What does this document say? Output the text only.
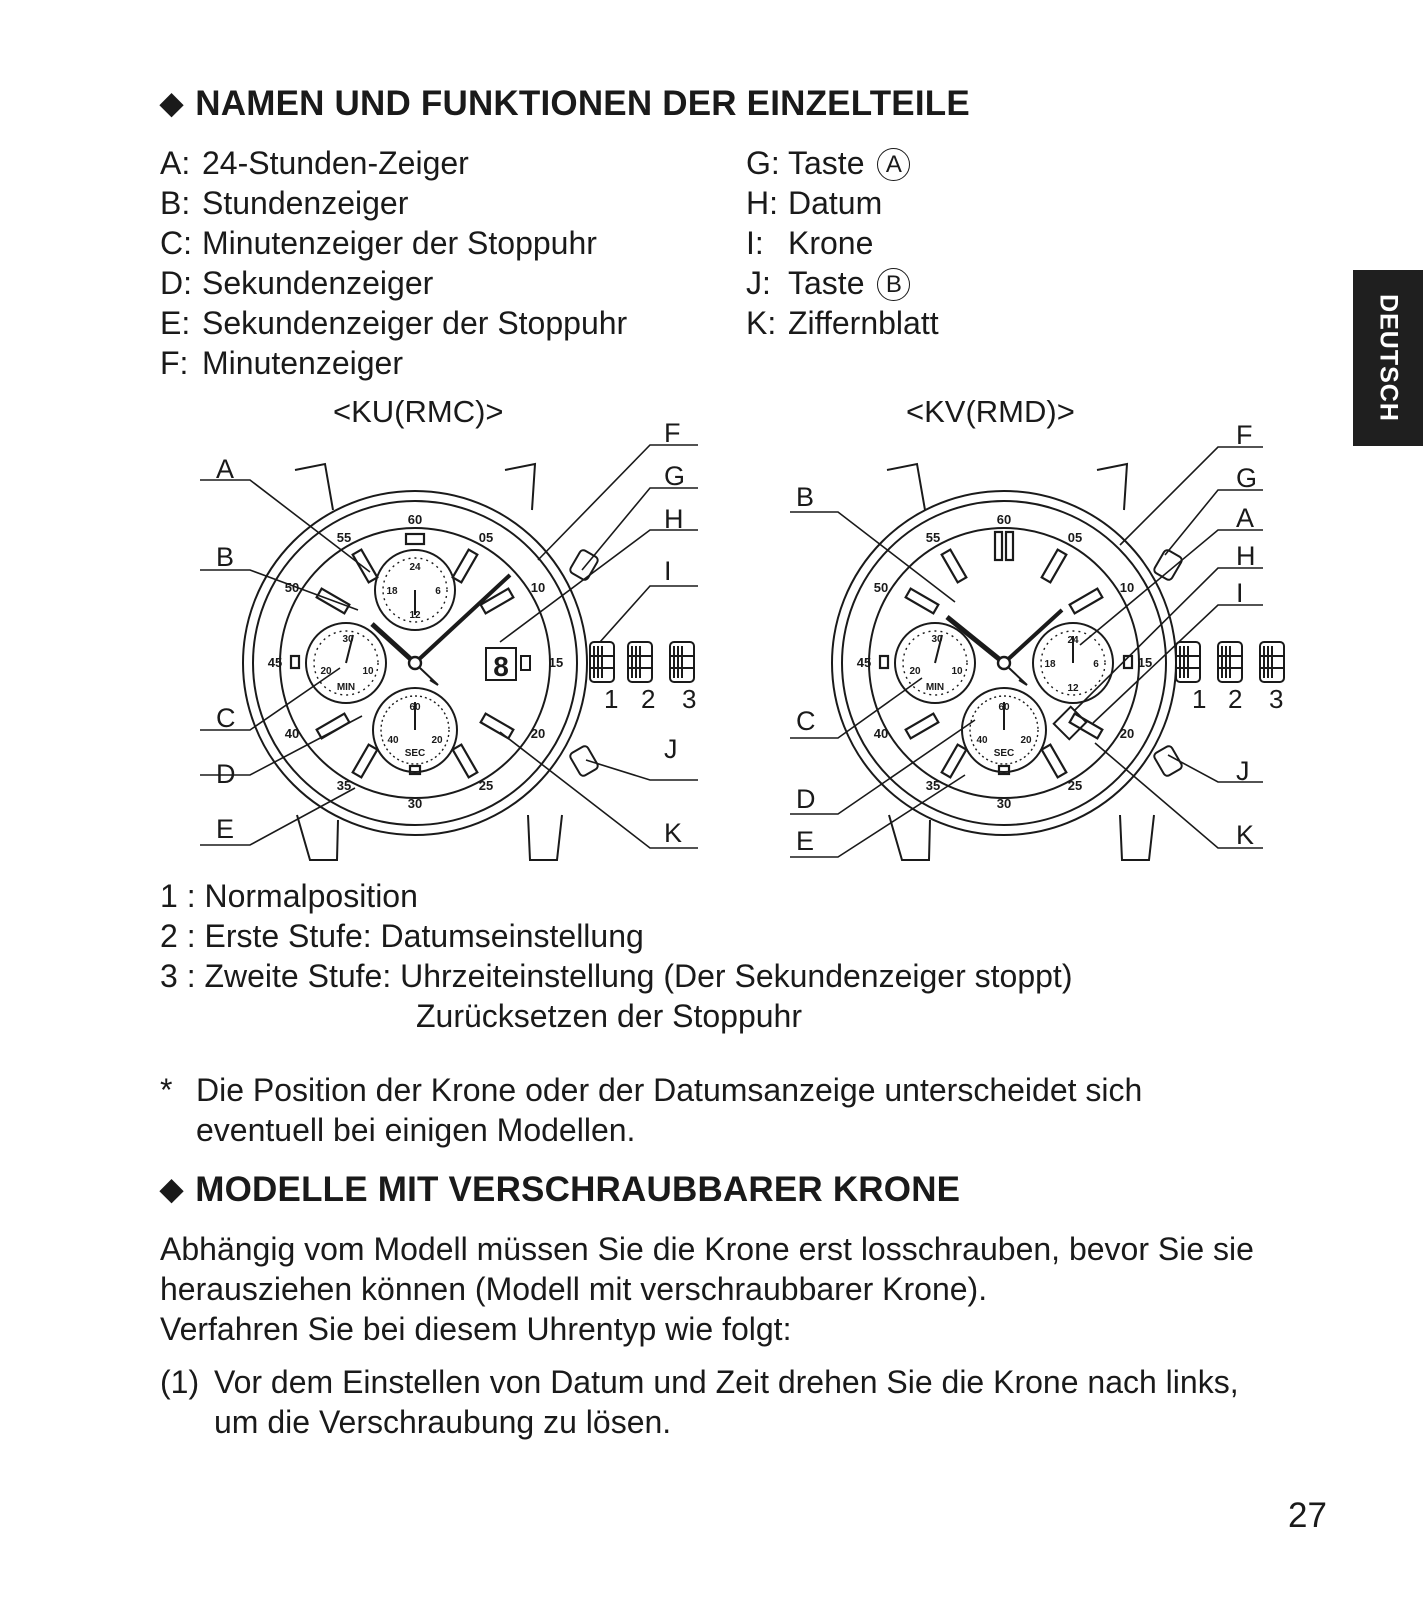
◆ NAMEN UND FUNKTIONEN DER EINZELTEILE
A: 24-Stunden-Zeiger
B: Stundenzeiger
C: Minutenzeiger der Stoppuhr
D: Sekundenzeiger
E: Sekundenzeiger der Stoppuhr
F: Minutenzeiger
G: Taste A
H: Datum
I: Krone
J: Taste B
K: Ziffernblatt
<KU(RMC)>	<KV(RMD)>
A
B
C
D
E
F
G
H
I
J
K
1 2 3
60
05
10
15
20
25
30
35
40
45
50
55
24
6
12
18
30
10
20
MIN
60
20
40
SEC
8
B
C
D
E
F
G
A
H
I
J
K
1 2 3
60
05
10
15
20
25
30
35
40
45
50
55
24
6
12
18
30
10
20
MIN
60
20
40
SEC
1 : Normalposition
2 : Erste Stufe: Datumseinstellung
3 : Zweite Stufe: Uhrzeiteinstellung (Der Sekundenzeiger stoppt)
Zurücksetzen der Stoppuhr
* Die Position der Krone oder der Datumsanzeige unterscheidet sich
eventuell bei einigen Modellen.
◆ MODELLE MIT VERSCHRAUBBARER KRONE
Abhängig vom Modell müssen Sie die Krone erst losschrauben, bevor Sie sie
herausziehen können (Modell mit verschraubbarer Krone).
Verfahren Sie bei diesem Uhrentyp wie folgt:
(1) Vor dem Einstellen von Datum und Zeit drehen Sie die Krone nach links,
um die Verschraubung zu lösen.
DEUTSCH
27
